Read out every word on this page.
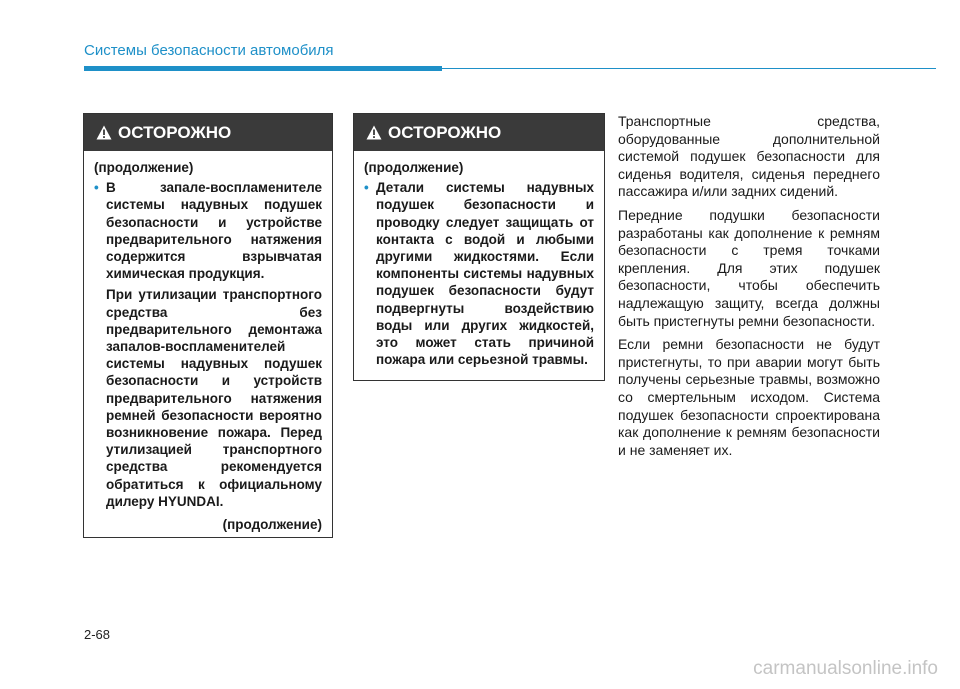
Системы безопасности автомобиля
ОСТОРОЖНО
(продолжение)
• В запале-воспламенителе системы надувных подушек безопасности и устройстве предварительного натяжения содержится взрывчатая химическая продукция.

При утилизации транспортного средства без предварительного демонтажа запалов-воспламенителей системы надувных подушек безопасности и устройств предварительного натяжения ремней безопасности вероятно возникновение пожара. Перед утилизацией транспортного средства рекомендуется обратиться к официальному дилеру HYUNDAI.

(продолжение)
ОСТОРОЖНО
(продолжение)
• Детали системы надувных подушек безопасности и проводку следует защищать от контакта с водой и любыми другими жидкостями. Если компоненты системы надувных подушек безопасности будут подвергнуты воздействию воды или других жидкостей, это может стать причиной пожара или серьезной травмы.

Транспортные средства, оборудованные дополнительной системой подушек безопасности для сиденья водителя, сиденья переднего пассажира и/или задних сидений.

Передние подушки безопасности разработаны как дополнение к ремням безопасности с тремя точками крепления. Для этих подушек безопасности, чтобы обеспечить надлежащую защиту, всегда должны быть пристегнуты ремни безопасности.

Если ремни безопасности не будут пристегнуты, то при аварии могут быть получены серьезные травмы, возможно со смертельным исходом. Система подушек безопасности спроектирована как дополнение к ремням безопасности и не заменяет их.

2-68
carmanualsonline.info
